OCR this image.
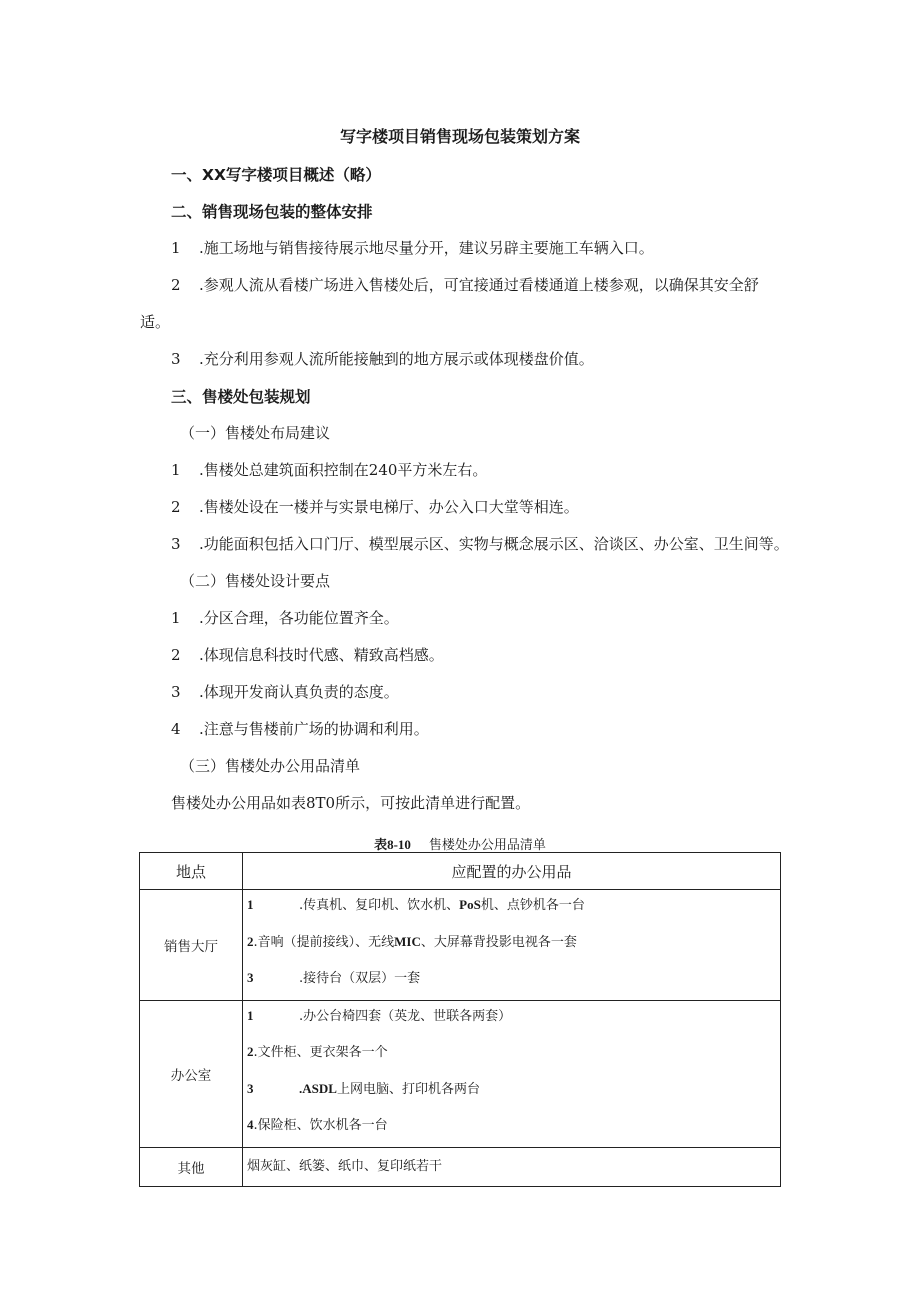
写字楼项目销售现场包装策划方案
一、XX写字楼项目概述（略）
二、销售现场包装的整体安排
1 .施工场地与销售接待展示地尽量分开，建议另辟主要施工车辆入口。
2 .参观人流从看楼广场进入售楼处后，可宜接通过看楼通道上楼参观，以确保其安全舒
适。
3 .充分利用参观人流所能接触到的地方展示或体现楼盘价值。
三、售楼处包装规划
（一）售楼处布局建议
1 .售楼处总建筑面积控制在240平方米左右。
2 .售楼处设在一楼并与实景电梯厅、办公入口大堂等相连。
3 .功能面积包括入口门厅、模型展示区、实物与概念展示区、洽谈区、办公室、卫生间等。
（二）售楼处设计要点
1 .分区合理，各功能位置齐全。
2 .体现信息科技时代感、精致高档感。
3 .体现开发商认真负责的态度。
4 .注意与售楼前广场的协调和利用。
（三）售楼处办公用品清单
售楼处办公用品如表8T0所示，可按此清单进行配置。
表8-10 售楼处办公用品清单
地点	应配置的办公用品
销售大厅	1 .传真机、复印机、饮水机、PoS机、点钞机各一台
2.音响（提前接线）、无线MIC、大屏幕背投影电视各一套
3 .接待台（双层）一套

办公室	1 .办公台椅四套（英龙、世联各两套）
2.文件柜、更衣架各一个
3 .ASDL上网电脑、打印机各两台
4.保险柜、饮水机各一台

其他	烟灰缸、纸篓、纸巾、复印纸若干
